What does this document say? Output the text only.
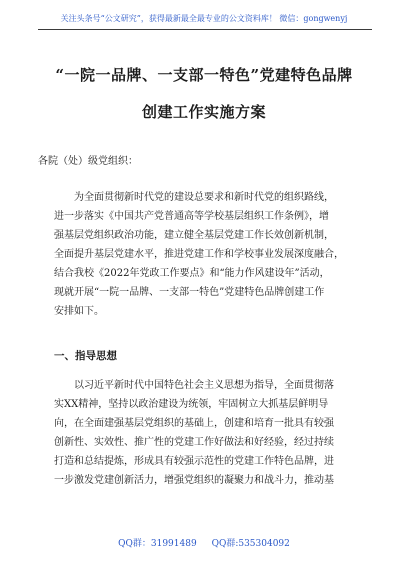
关注头条号“公文研究”，获得最新最全最专业的公文资料库！ 微信：gongwenyj
“一院一品牌、一支部一特色”党建特色品牌
创建工作实施方案
各院（处）级党组织：
为全面贯彻新时代党的建设总要求和新时代党的组织路线，
进一步落实《中国共产党普通高等学校基层组织工作条例》，增
强基层党组织政治功能，建立健全基层党建工作长效创新机制，
全面提升基层党建水平，推进党建工作和学校事业发展深度融合，
结合我校《2022年党政工作要点》和“能力作风建设年”活动，
现就开展“一院一品牌、一支部一特色”党建特色品牌创建工作
安排如下。
一、指导思想
以习近平新时代中国特色社会主义思想为指导，全面贯彻落
实XX精神，坚持以政治建设为统领，牢固树立大抓基层鲜明导
向，在全面建强基层党组织的基础上，创建和培育一批具有较强
创新性、实效性、推广性的党建工作好做法和好经验，经过持续
打造和总结提炼，形成具有较强示范性的党建工作特色品牌，进
一步激发党建创新活力，增强党组织的凝聚力和战斗力，推动基
QQ群：31991489 QQ群:535304092
